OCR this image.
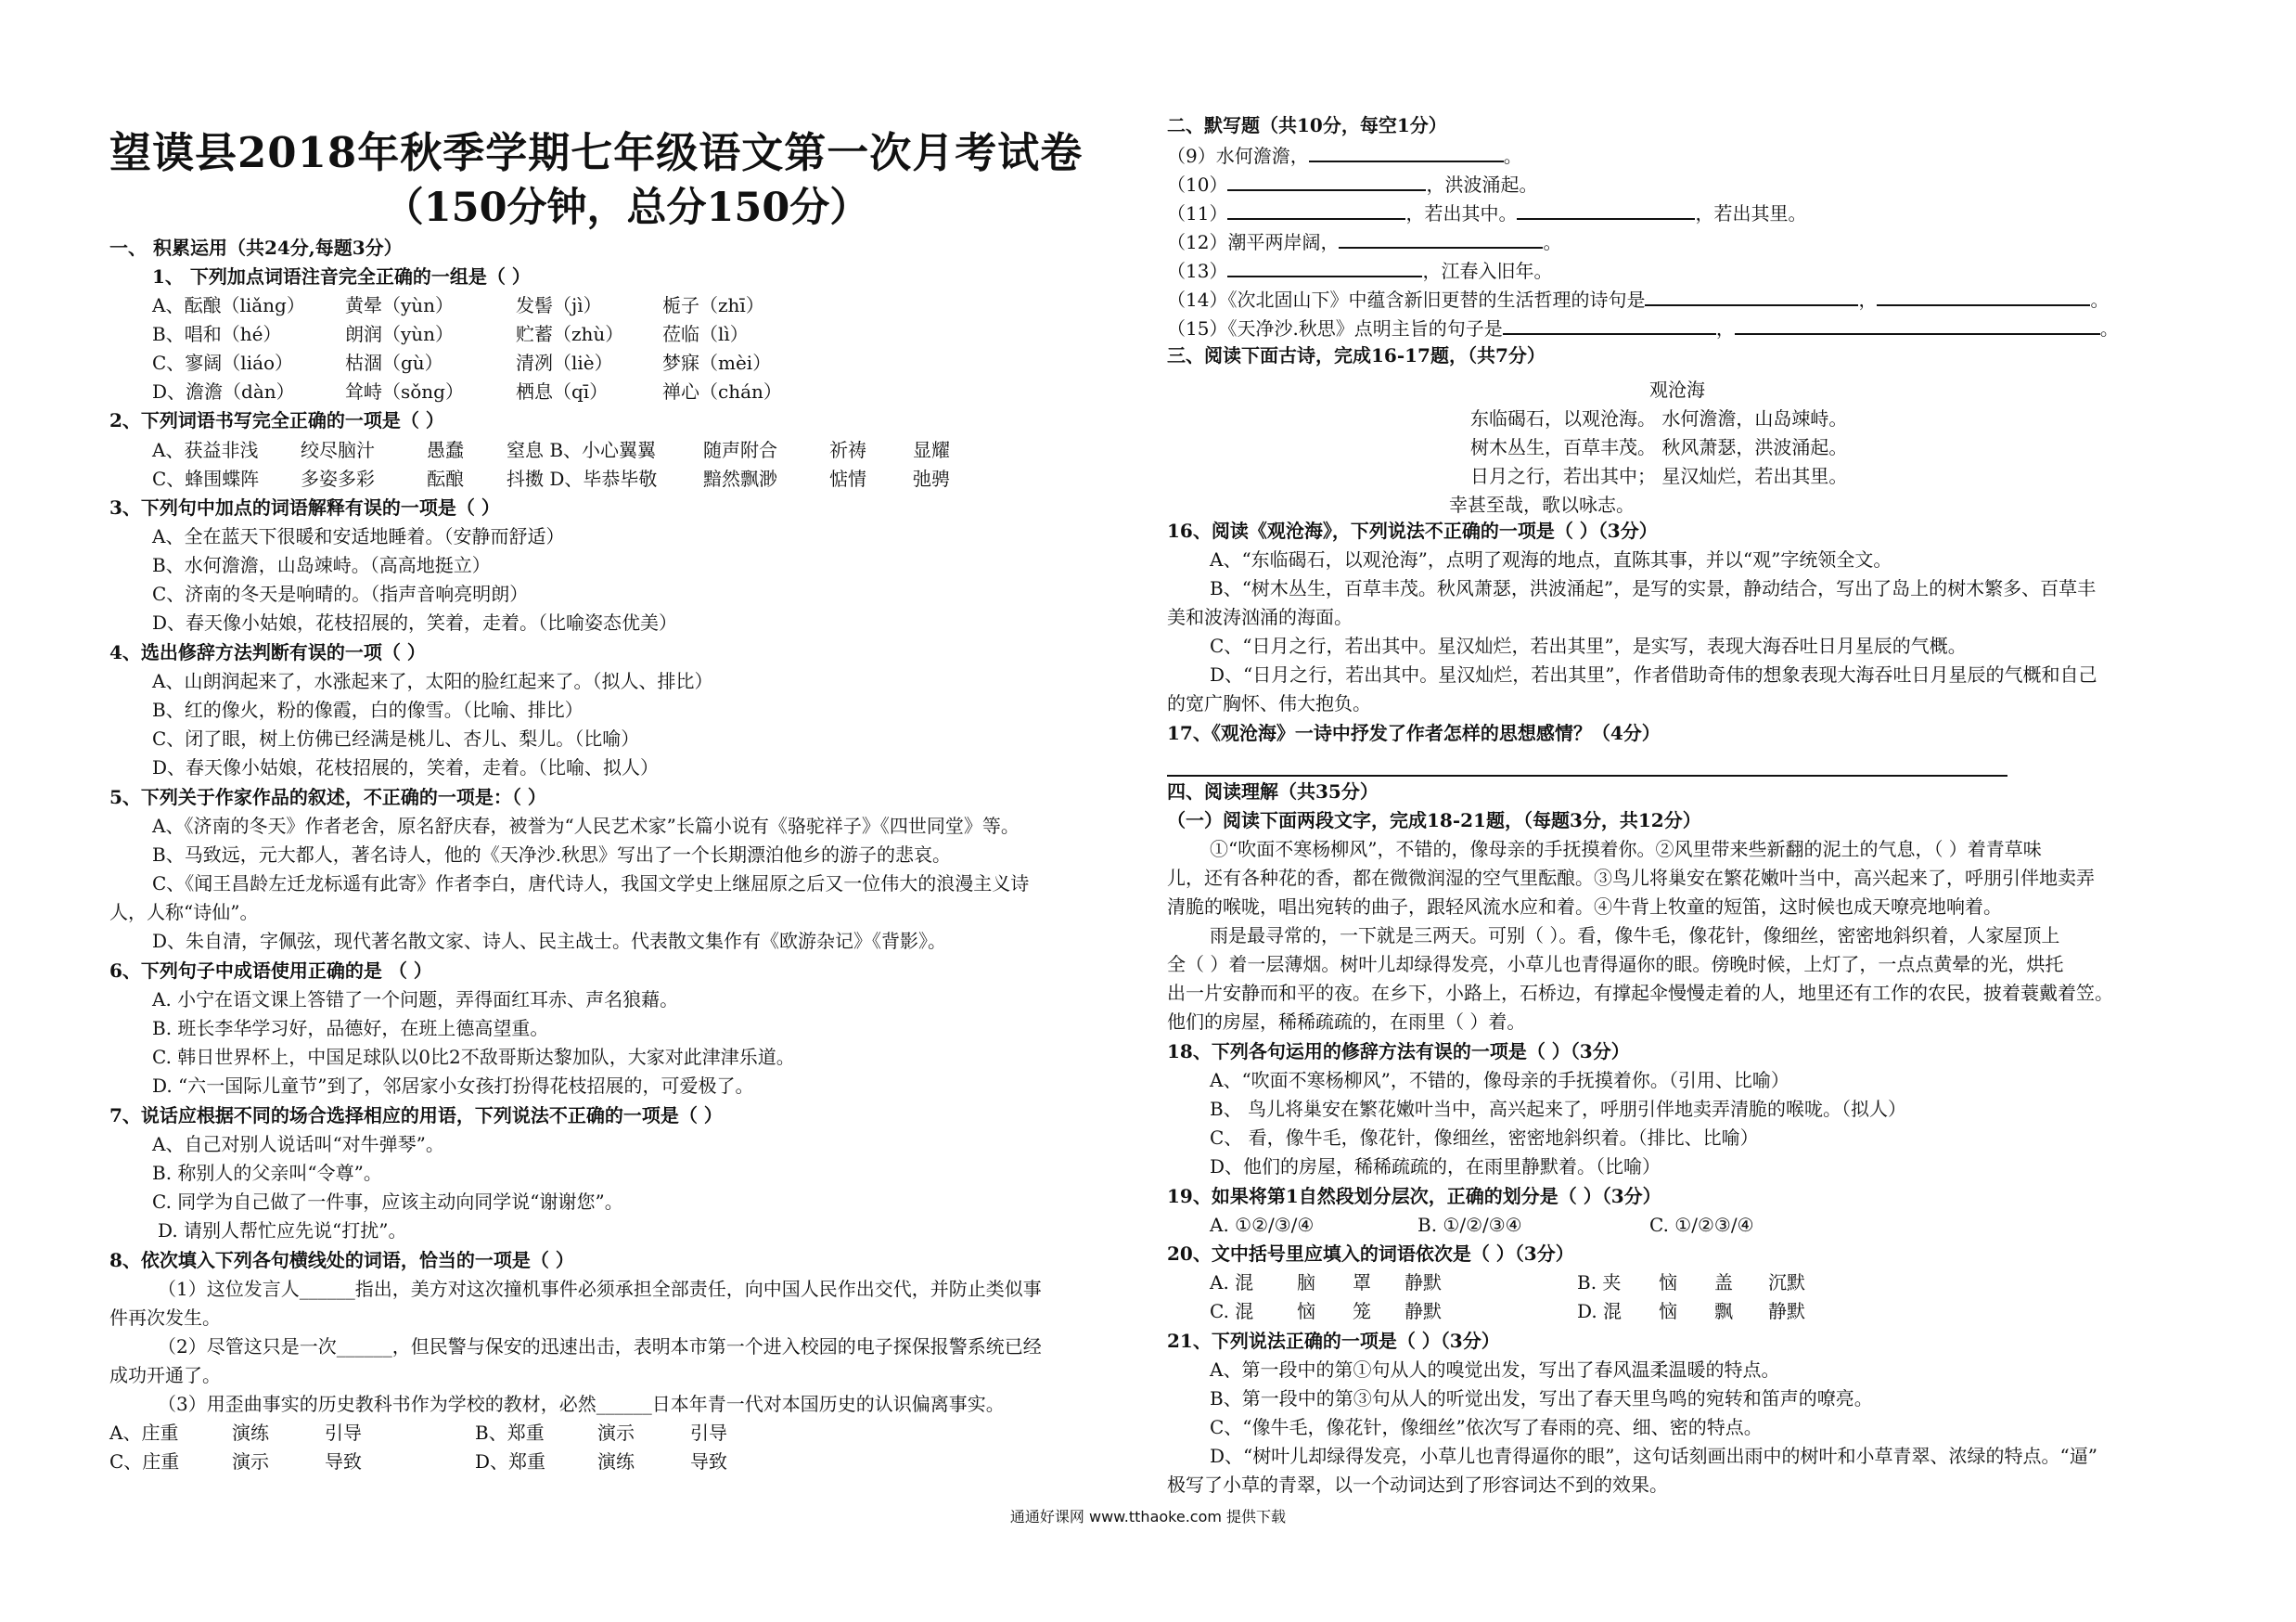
望谟县2018年秋季学期七年级语文第一次月考试卷
（150分钟，总分150分）
一、 积累运用（共24分,每题3分）
1、 下列加点词语注音完全正确的一组是（ ）
A、酝酿（liǎng） 黄晕（yùn）	发髻（jì）	栀子（zhī）
B、唱和（hé）	朗润（yùn）	贮蓄（zhù） 莅临（lì）
C、寥阔（liáo）	枯涸（gù）	清冽（liè）	梦寐（mèi）
D、澹澹（dàn）	耸峙（sǒng）	栖息（qī）	禅心（chán）
2、下列词语书写完全正确的一项是（ ）
A、获益非浅 绞尽脑汁	愚蠢 窒息 B、小心翼翼	随声附合	祈祷	显耀
C、蜂围蝶阵 多姿多彩	酝酿 抖擞 D、毕恭毕敬 黯然飘渺	惦情	弛骋
3、下列句中加点的词语解释有误的一项是（ ）
A、全在蓝天下很暖和安适地睡着。（安静而舒适）
B、水何澹澹，山岛竦峙。（高高地挺立）
C、济南的冬天是响晴的。（指声音响亮明朗）
D、春天像小姑娘，花枝招展的，笑着，走着。（比喻姿态优美）
4、选出修辞方法判断有误的一项（ ）
A、山朗润起来了，水涨起来了，太阳的脸红起来了。（拟人、排比）
B、红的像火，粉的像霞，白的像雪。（比喻、排比）
C、闭了眼，树上仿佛已经满是桃儿、杏儿、梨儿。（比喻）
D、春天像小姑娘，花枝招展的，笑着，走着。（比喻、拟人）
5、下列关于作家作品的叙述，不正确的一项是：（ ）
A、《济南的冬天》作者老舍，原名舒庆春，被誉为“人民艺术家”长篇小说有《骆驼祥子》《四世同堂》等。
B、马致远，元大都人，著名诗人，他的《天净沙.秋思》写出了一个长期漂泊他乡的游子的悲哀。
C、《闻王昌龄左迁龙标遥有此寄》作者李白，唐代诗人，我国文学史上继屈原之后又一位伟大的浪漫主义诗
人，人称“诗仙”。
D、朱自清，字佩弦，现代著名散文家、诗人、民主战士。代表散文集作有《欧游杂记》《背影》。
6、下列句子中成语使用正确的是 （ ）
A. 小宁在语文课上答错了一个问题，弄得面红耳赤、声名狼藉。
B. 班长李华学习好，品德好，在班上德高望重。
C. 韩日世界杯上，中国足球队以0比2不敌哥斯达黎加队，大家对此津津乐道。
D. “六一国际儿童节”到了，邻居家小女孩打扮得花枝招展的，可爱极了。
7、说话应根据不同的场合选择相应的用语，下列说法不正确的一项是（ ）
A、自己对别人说话叫“对牛弹琴”。
B. 称别人的父亲叫“令尊”。
C. 同学为自己做了一件事，应该主动向同学说“谢谢您”。
D. 请别人帮忙应先说“打扰”。
8、依次填入下列各句横线处的词语，恰当的一项是（ ）
（1）这位发言人______指出，美方对这次撞机事件必须承担全部责任，向中国人民作出交代，并防止类似事
件再次发生。
（2）尽管这只是一次______，但民警与保安的迅速出击，表明本市第一个进入校园的电子探保报警系统已经
成功开通了。
（3）用歪曲事实的历史教科书作为学校的教材，必然______日本年青一代对本国历史的认识偏离事实。
A、庄重	演练	引导	B、郑重	演示	引导
C、庄重	演示	导致	D、郑重	演练	导致
二、默写题（共10分，每空1分）
（9）水何澹澹，	。
（10）	，洪波涌起。
（11）	，若出其中。	，若出其里。
（12）潮平两岸阔，	。
（13）	，江春入旧年。
（14）《次北固山下》中蕴含新旧更替的生活哲理的诗句是	，	。
（15）《天净沙.秋思》点明主旨的句子是	，	。
三、阅读下面古诗，完成16-17题，（共7分）
观沧海
东临碣石，以观沧海。 水何澹澹，山岛竦峙。
树木丛生，百草丰茂。 秋风萧瑟，洪波涌起。
日月之行，若出其中； 星汉灿烂，若出其里。
幸甚至哉，歌以咏志。
16、阅读《观沧海》，下列说法不正确的一项是（ ）（3分）
A、“东临碣石，以观沧海”，点明了观海的地点，直陈其事，并以“观”字统领全文。
B、“树木丛生，百草丰茂。秋风萧瑟，洪波涌起”，是写的实景，静动结合，写出了岛上的树木繁多、百草丰
美和波涛汹涌的海面。
C、“日月之行，若出其中。星汉灿烂，若出其里”，是实写，表现大海吞吐日月星辰的气概。
D、“日月之行，若出其中。星汉灿烂，若出其里”，作者借助奇伟的想象表现大海吞吐日月星辰的气概和自己
的宽广胸怀、伟大抱负。
17、《观沧海》一诗中抒发了作者怎样的思想感情？（4分）
四、阅读理解（共35分）
（一）阅读下面两段文字，完成18-21题，（每题3分，共12分）
①“吹面不寒杨柳风”，不错的，像母亲的手抚摸着你。②风里带来些新翻的泥土的气息，（ ）着青草味
儿，还有各种花的香，都在微微润湿的空气里酝酿。③鸟儿将巢安在繁花嫩叶当中，高兴起来了，呼朋引伴地卖弄
清脆的喉咙，唱出宛转的曲子，跟轻风流水应和着。④牛背上牧童的短笛，这时候也成天嘹亮地响着。
雨是最寻常的，一下就是三两天。可别（ ）。看，像牛毛，像花针，像细丝，密密地斜织着，人家屋顶上
全（ ）着一层薄烟。树叶儿却绿得发亮，小草儿也青得逼你的眼。傍晚时候，上灯了，一点点黄晕的光，烘托
出一片安静而和平的夜。在乡下，小路上，石桥边，有撑起伞慢慢走着的人，地里还有工作的农民，披着蓑戴着笠。
他们的房屋，稀稀疏疏的，在雨里（ ）着。
18、下列各句运用的修辞方法有误的一项是（ ）（3分）
A、“吹面不寒杨柳风”，不错的，像母亲的手抚摸着你。（引用、比喻）
B、 鸟儿将巢安在繁花嫩叶当中，高兴起来了，呼朋引伴地卖弄清脆的喉咙。（拟人）
C、 看，像牛毛，像花针，像细丝，密密地斜织着。（排比、比喻）
D、他们的房屋，稀稀疏疏的，在雨里静默着。（比喻）
19、如果将第1自然段划分层次，正确的划分是（ ）（3分）
A. ①②/③/④	B. ①/②/③④	C. ①/②③/④
20、文中括号里应填入的词语依次是（ ）（3分）
A. 混 脑 罩 静默	B. 夹 恼 盖 沉默
C. 混 恼 笼 静默	D. 混 恼 飘 静默
21、下列说法正确的一项是（ ）（3分）
A、第一段中的第①句从人的嗅觉出发，写出了春风温柔温暖的特点。
B、第一段中的第③句从人的听觉出发，写出了春天里鸟鸣的宛转和笛声的嘹亮。
C、“像牛毛，像花针，像细丝”依次写了春雨的亮、细、密的特点。
D、“树叶儿却绿得发亮，小草儿也青得逼你的眼”，这句话刻画出雨中的树叶和小草青翠、浓绿的特点。“逼”
极写了小草的青翠，以一个动词达到了形容词达不到的效果。
通通好课网 www.tthaoke.com 提供下载
